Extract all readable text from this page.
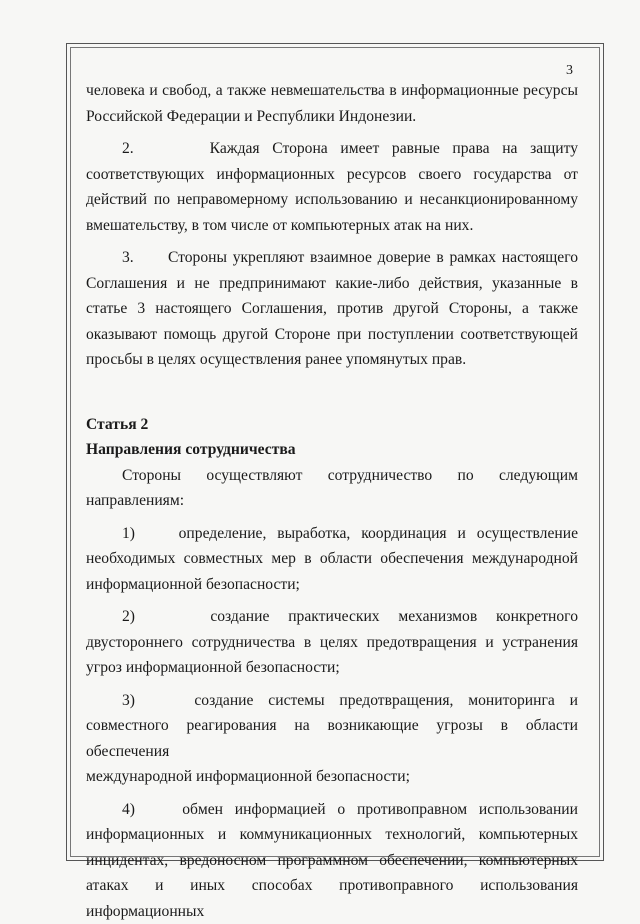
3

человека и свобод, а также невмешательства в информационные ресурсы

Российской Федерации и Республики Индонезии.

2.      Каждая Сторона имеет равные права на защиту

соответствующих информационных ресурсов своего государства от

действий по неправомерному использованию и несанкционированному

вмешательству, в том числе от компьютерных атак на них.

3.      Стороны укрепляют взаимное доверие в рамках настоящего

Соглашения и не предпринимают какие-либо действия, указанные в

статье 3 настоящего Соглашения, против другой Стороны, а также

оказывают помощь другой Стороне при поступлении соответствующей

просьбы в целях осуществления ранее упомянутых прав.

Статья 2

Направления сотрудничества

Стороны осуществляют сотрудничество по следующим

направлениям:

1)    определение, выработка, координация и осуществление

необходимых совместных мер в области обеспечения международной

информационной безопасности;

2)    создание практических механизмов конкретного

двустороннего сотрудничества в целях предотвращения и устранения

угроз информационной безопасности;

3)    создание системы предотвращения, мониторинга и

совместного реагирования на возникающие угрозы в области обеспечения

международной информационной безопасности;

4)    обмен информацией о противоправном использовании

информационных и коммуникационных технологий, компьютерных

инцидентах, вредоносном программном обеспечении, компьютерных

атаках и иных способах противоправного использования информационных
